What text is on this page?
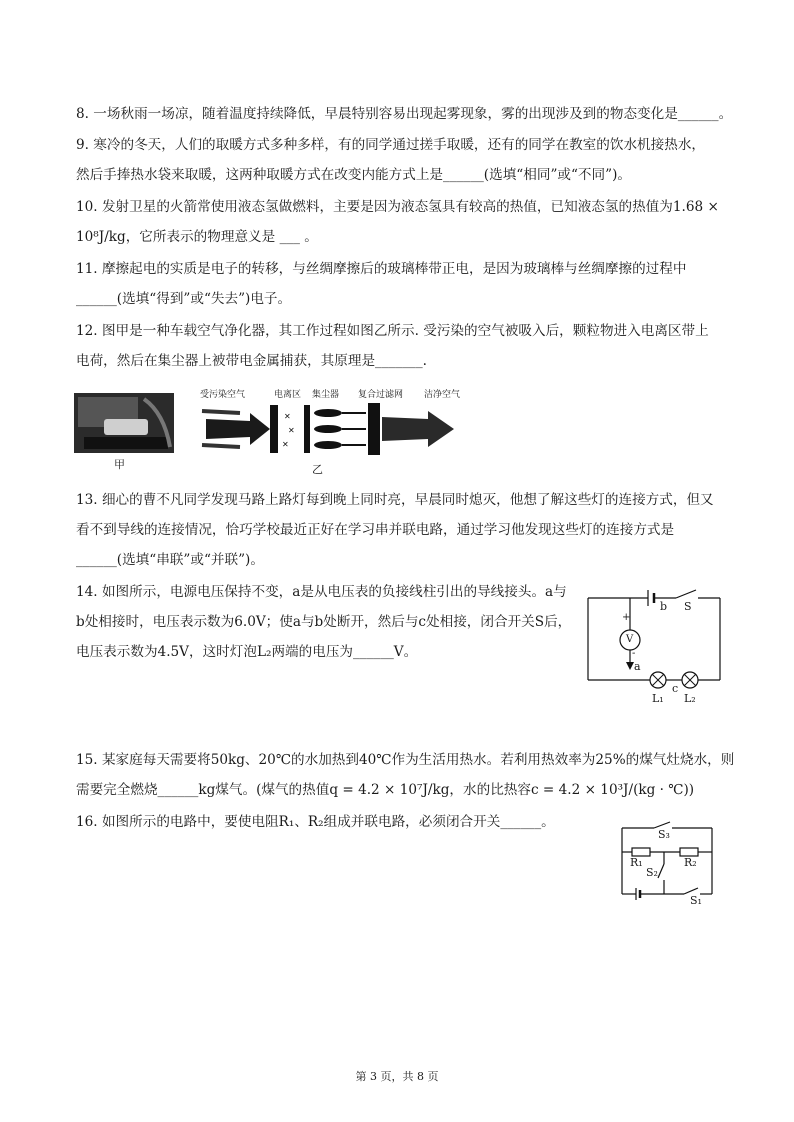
8. 一场秋雨一场凉，随着温度持续降低，早晨特别容易出现起雾现象，雾的出现涉及到的物态变化是______。
9. 寒冷的冬天，人们的取暖方式多种多样，有的同学通过搓手取暖，还有的同学在教室的饮水机接热水，
然后手捧热水袋来取暖，这两种取暖方式在改变内能方式上是______(选填“相同”或“不同”)。
10. 发射卫星的火箭常使用液态氢做燃料，主要是因为液态氢具有较高的热值，已知液态氢的热值为1.68 ×
10⁸J/kg，它所表示的物理意义是 ___ 。
11. 摩擦起电的实质是电子的转移，与丝绸摩擦后的玻璃棒带正电，是因为玻璃棒与丝绸摩擦的过程中
______(选填“得到”或“失去”)电子。
12. 图甲是一种车载空气净化器，其工作过程如图乙所示. 受污染的空气被吸入后，颗粒物进入电离区带上
电荷，然后在集尘器上被带电金属捕获，其原理是_______.
甲
受污染空气	电离区 集尘器 复合过滤网 洁净空气
✕
✕
✕
乙
13. 细心的曹不凡同学发现马路上路灯每到晚上同时亮，早晨同时熄灭，他想了解这些灯的连接方式，但又
看不到导线的连接情况，恰巧学校最近正好在学习串并联电路，通过学习他发现这些灯的连接方式是
______(选填“串联”或“并联”)。
14. 如图所示，电源电压保持不变，a是从电压表的负接线柱引出的导线接头。a与
b处相接时，电压表示数为6.0V；使a与b处断开，然后与c处相接，闭合开关S后，
电压表示数为4.5V，这时灯泡L₂两端的电压为______V。
b S
+
V
-
a
c
L₁ L₂
15. 某家庭每天需要将50kg、20℃的水加热到40℃作为生活用热水。若利用热效率为25%的煤气灶烧水，则
需要完全燃烧______kg煤气。(煤气的热值q = 4.2 × 10⁷J/kg，水的比热容c = 4.2 × 10³J/(kg · ℃))
16. 如图所示的电路中，要使电阻R₁、R₂组成并联电路，必须闭合开关______。
S₃
R₁	R₂
S₂
S₁
第 3 页，共 8 页
